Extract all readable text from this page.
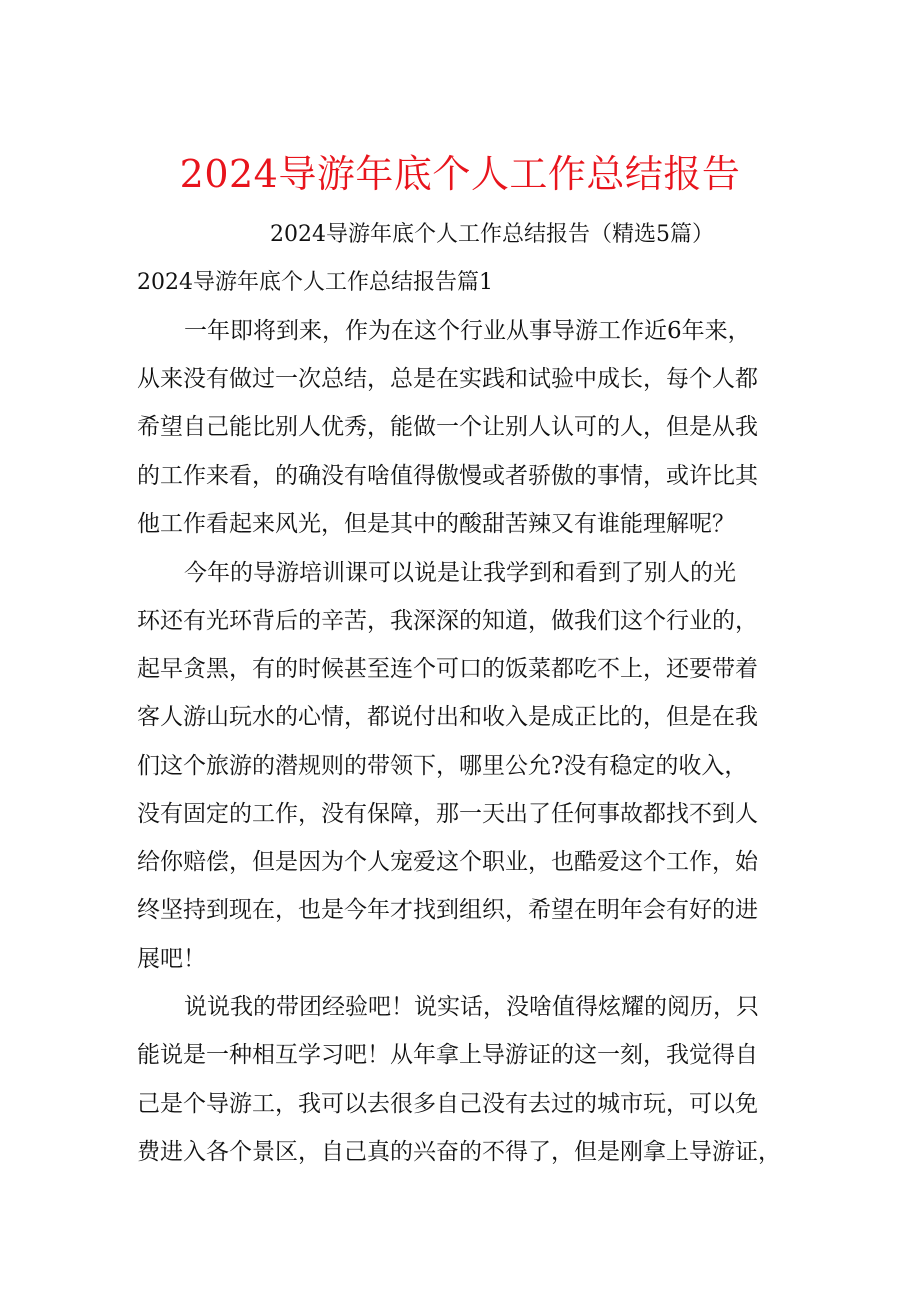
2024导游年底个人工作总结报告
2024导游年底个人工作总结报告（精选5篇）
2024导游年底个人工作总结报告篇1
一年即将到来，作为在这个行业从事导游工作近6年来，
从来没有做过一次总结，总是在实践和试验中成长，每个人都
希望自己能比别人优秀，能做一个让别人认可的人，但是从我
的工作来看，的确没有啥值得傲慢或者骄傲的事情，或许比其
他工作看起来风光，但是其中的酸甜苦辣又有谁能理解呢？
今年的导游培训课可以说是让我学到和看到了别人的光
环还有光环背后的辛苦，我深深的知道，做我们这个行业的，
起早贪黑，有的时候甚至连个可口的饭菜都吃不上，还要带着
客人游山玩水的心情，都说付出和收入是成正比的，但是在我
们这个旅游的潜规则的带领下，哪里公允?没有稳定的收入，
没有固定的工作，没有保障，那一天出了任何事故都找不到人
给你赔偿，但是因为个人宠爱这个职业，也酷爱这个工作，始
终坚持到现在，也是今年才找到组织，希望在明年会有好的进
展吧！
说说我的带团经验吧！说实话，没啥值得炫耀的阅历，只
能说是一种相互学习吧！从年拿上导游证的这一刻，我觉得自
己是个导游工，我可以去很多自己没有去过的城市玩，可以免
费进入各个景区，自己真的兴奋的不得了，但是刚拿上导游证，
